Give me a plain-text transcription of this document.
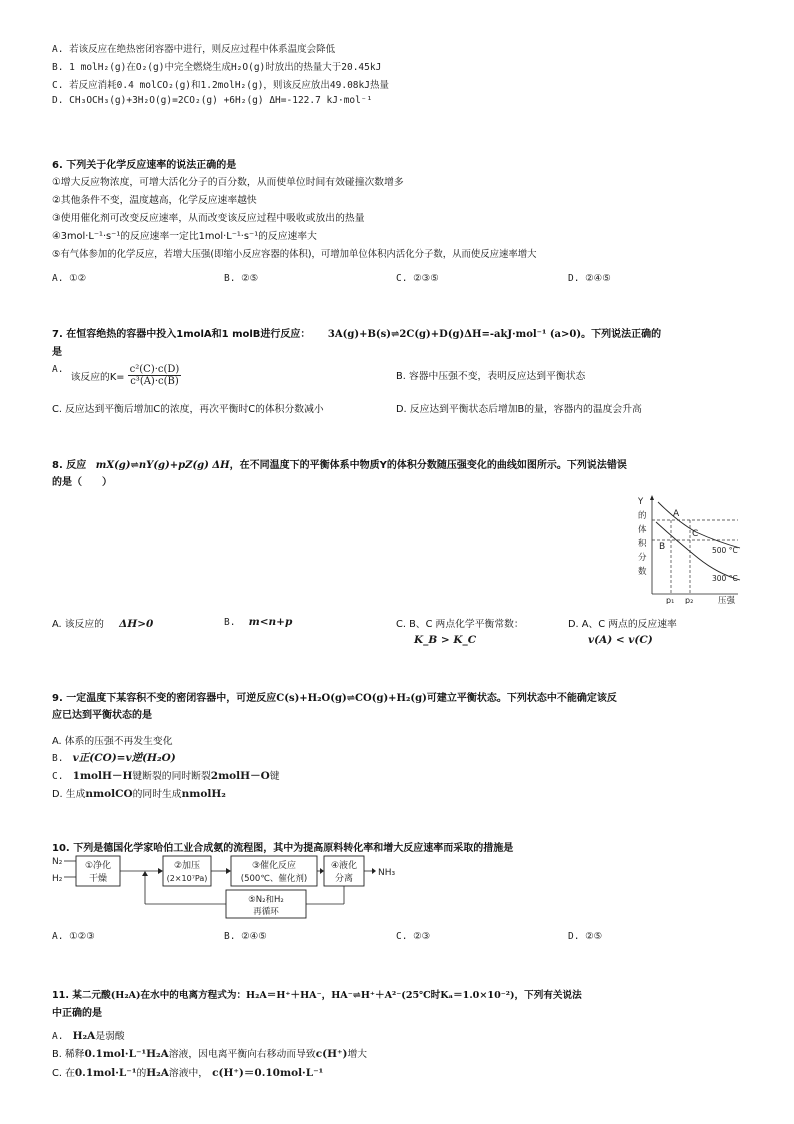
A. 若该反应在绝热密闭容器中进行，则反应过程中体系温度会降低
B. 1 molH₂(g)在O₂(g)中完全燃烧生成H₂O(g)时放出的热量大于20.45kJ
C. 若反应消耗0.4 molCO₂(g)和1.2molH₂(g)，则该反应放出49.08kJ热量
D. CH₃OCH₃(g)+3H₂O(g)=2CO₂(g) +6H₂(g) ΔH=-122.7 kJ·mol⁻¹
6. 下列关于化学反应速率的说法正确的是
①增大反应物浓度，可增大活化分子的百分数，从而使单位时间有效碰撞次数增多
②其他条件不变，温度越高，化学反应速率越快
③使用催化剂可改变反应速率，从而改变该反应过程中吸收或放出的热量
④3mol·L⁻¹·s⁻¹的反应速率一定比1mol·L⁻¹·s⁻¹的反应速率大
⑤有气体参加的化学反应，若增大压强(即缩小反应容器的体积)，可增加单位体积内活化分子数，从而使反应速率增大
A. ①②	B. ②⑤	C. ②③⑤	D. ②④⑤
7. 在恒容绝热的容器中投入1molA和1 molB进行反应： 3A(g)+B(s)⇌2C(g)+D(g)ΔH=-akJ·mol⁻¹ (a>0)。下列说法正确的
是
A. 该反应的$K= \frac{\text{c²(C)·c(D)}}{\text{c³(A)·c(B)}}$	B. 容器中压强不变，表明反应达到平衡状态
C. 反应达到平衡后增加C的浓度，再次平衡时C的体积分数减小	D. 反应达到平衡状态后增加B的量，容器内的温度会升高
8. 反应 mX(g)⇌nY(g)+pZ(g) ΔH，在不同温度下的平衡体系中物质Y的体积分数随压强变化的曲线如图所示。下列说法错误
的是（　　）
Y
的
体
积
分
数
A
B
C
500 °C
300 °C
p₁ p₂	压强
A. 该反应的 ΔH>0	B. m<n+p	C. B、C 两点化学平衡常数：
K_B > K_C
D. A、C 两点的反应速率
v(A) < v(C)
9. 一定温度下某容积不变的密闭容器中，可逆反应C(s)+H₂O(g)⇌CO(g)+H₂(g)可建立平衡状态。下列状态中不能确定该反
应已达到平衡状态的是
A. 体系的压强不再发生变化
B. v正(CO)=v逆(H₂O)
C. 1molH－H键断裂的同时断裂2molH－O键
D. 生成nmolCO的同时生成nmolH₂
10. 下列是德国化学家哈伯工业合成氨的流程图，其中为提高原料转化率和增大反应速率而采取的措施是
N₂
H₂
①净化
干燥
②加压
(2×10⁷Pa)
③催化反应
(500℃、催化剂)
④液化
分离
NH₃
⑤N₂和H₂
再循环
A. ①②③	B. ②④⑤	C. ②③	D. ②⑤
11. 某二元酸(H₂A)在水中的电离方程式为：H₂A＝H⁺＋HA⁻，HA⁻⇌H⁺＋A²⁻(25℃时Kₐ＝1.0×10⁻²)，下列有关说法
中正确的是
A. H₂A是弱酸
B. 稀释0.1mol·L⁻¹H₂A溶液，因电离平衡向右移动而导致c(H⁺)增大
C. 在0.1mol·L⁻¹的H₂A溶液中， c(H⁺)＝0.10mol·L⁻¹
